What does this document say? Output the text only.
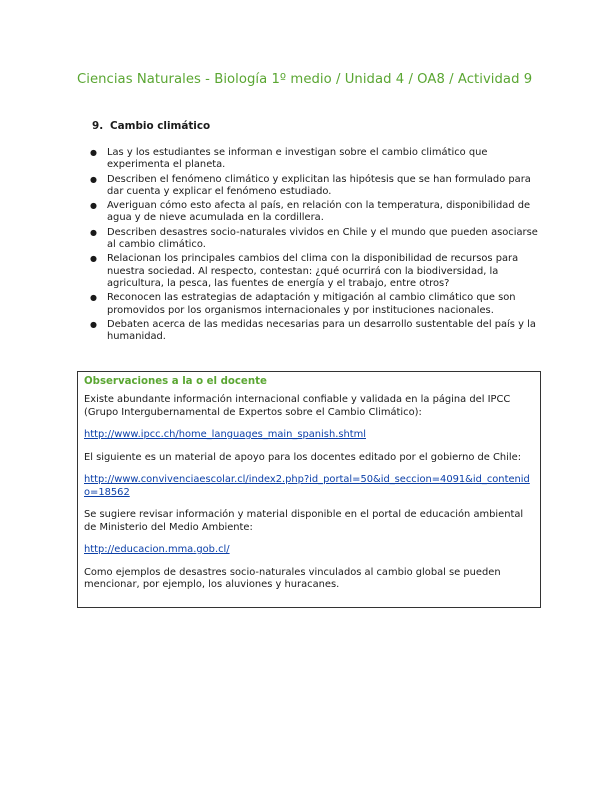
Ciencias Naturales - Biología 1º medio / Unidad 4 / OA8 / Actividad 9
9. Cambio climático
● Las y los estudiantes se informan e investigan sobre el cambio climático que experimenta el planeta.
● Describen el fenómeno climático y explicitan las hipótesis que se han formulado para dar cuenta y explicar el fenómeno estudiado.
● Averiguan cómo esto afecta al país, en relación con la temperatura, disponibilidad de agua y de nieve acumulada en la cordillera.
● Describen desastres socio-naturales vividos en Chile y el mundo que pueden asociarse al cambio climático.
● Relacionan los principales cambios del clima con la disponibilidad de recursos para nuestra sociedad. Al respecto, contestan: ¿qué ocurrirá con la biodiversidad, la agricultura, la pesca, las fuentes de energía y el trabajo, entre otros?
● Reconocen las estrategias de adaptación y mitigación al cambio climático que son promovidos por los organismos internacionales y por instituciones nacionales.
● Debaten acerca de las medidas necesarias para un desarrollo sustentable del país y la humanidad.
Observaciones a la o el docente

Existe abundante información internacional confiable y validada en la página del IPCC (Grupo Intergubernamental de Expertos sobre el Cambio Climático):

http://www.ipcc.ch/home_languages_main_spanish.shtml

El siguiente es un material de apoyo para los docentes editado por el gobierno de Chile:

http://www.convivenciaescolar.cl/index2.php?id_portal=50&id_seccion=4091&id_contenido=18562

Se sugiere revisar información y material disponible en el portal de educación ambiental de Ministerio del Medio Ambiente:

http://educacion.mma.gob.cl/

Como ejemplos de desastres socio-naturales vinculados al cambio global se pueden mencionar, por ejemplo, los aluviones y huracanes.
